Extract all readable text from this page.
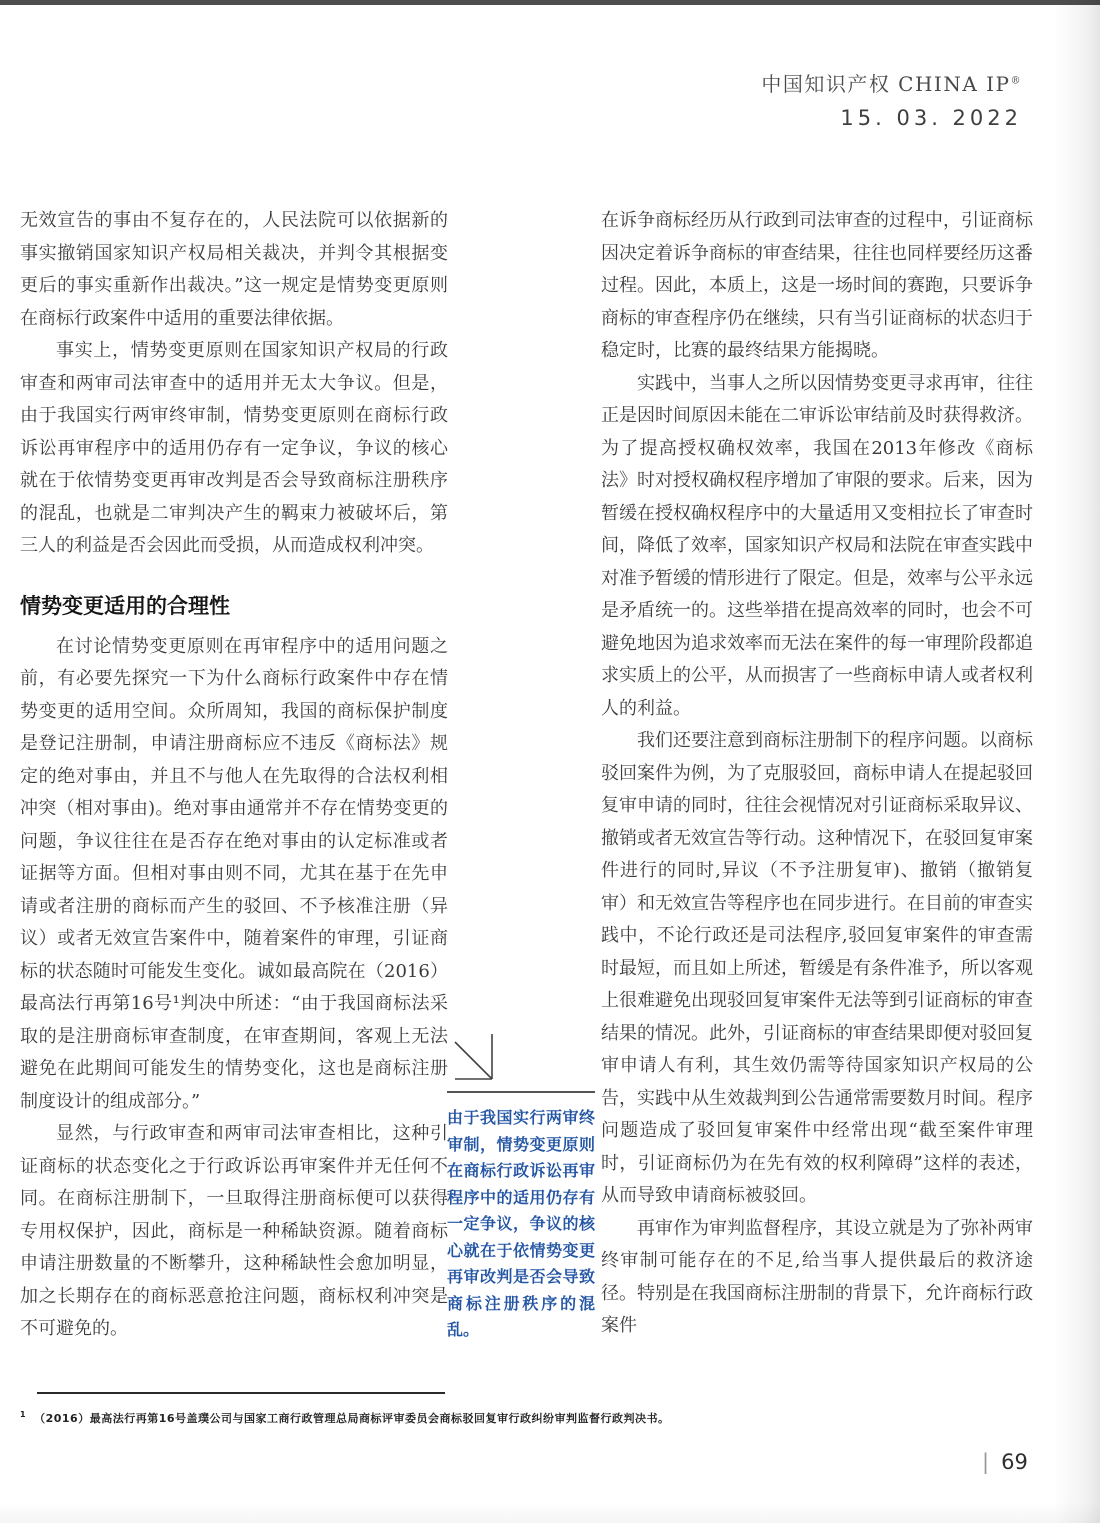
中国知识产权 CHINA IP®
15. 03. 2022

无效宣告的事由不复存在的，人民法院可以依据新的事实撤销国家知识产权局相关裁决，并判令其根据变更后的事实重新作出裁决。”这一规定是情势变更原则在商标行政案件中适用的重要法律依据。

事实上，情势变更原则在国家知识产权局的行政审查和两审司法审查中的适用并无太大争议。但是，由于我国实行两审终审制，情势变更原则在商标行政诉讼再审程序中的适用仍存有一定争议，争议的核心就在于依情势变更再审改判是否会导致商标注册秩序的混乱，也就是二审判决产生的羁束力被破坏后，第三人的利益是否会因此而受损，从而造成权利冲突。

情势变更适用的合理性

在讨论情势变更原则在再审程序中的适用问题之前，有必要先探究一下为什么商标行政案件中存在情势变更的适用空间。众所周知，我国的商标保护制度是登记注册制，申请注册商标应不违反《商标法》规定的绝对事由，并且不与他人在先取得的合法权利相冲突（相对事由)。绝对事由通常并不存在情势变更的问题，争议往往在是否存在绝对事由的认定标准或者证据等方面。但相对事由则不同，尤其在基于在先申请或者注册的商标而产生的驳回、不予核准注册（异议）或者无效宣告案件中，随着案件的审理，引证商标的状态随时可能发生变化。诚如最高院在（2016）最高法行再第16号¹判决中所述：“由于我国商标法采取的是注册商标审查制度，在审查期间，客观上无法避免在此期间可能发生的情势变化，这也是商标注册制度设计的组成部分。”

显然，与行政审查和两审司法审查相比，这种引证商标的状态变化之于行政诉讼再审案件并无任何不同。在商标注册制下，一旦取得注册商标便可以获得专用权保护，因此，商标是一种稀缺资源。随着商标申请注册数量的不断攀升，这种稀缺性会愈加明显，加之长期存在的商标恶意抢注问题，商标权利冲突是不可避免的。

由于我国实行两审终审制，情势变更原则在商标行政诉讼再审程序中的适用仍存有一定争议，争议的核心就在于依情势变更再审改判是否会导致商标注册秩序的混乱。

在诉争商标经历从行政到司法审查的过程中，引证商标因决定着诉争商标的审查结果，往往也同样要经历这番过程。因此，本质上，这是一场时间的赛跑，只要诉争商标的审查程序仍在继续，只有当引证商标的状态归于稳定时，比赛的最终结果方能揭晓。

实践中，当事人之所以因情势变更寻求再审，往往正是因时间原因未能在二审诉讼审结前及时获得救济。为了提高授权确权效率，我国在2013年修改《商标法》时对授权确权程序增加了审限的要求。后来，因为暂缓在授权确权程序中的大量适用又变相拉长了审查时间，降低了效率，国家知识产权局和法院在审查实践中对准予暂缓的情形进行了限定。但是，效率与公平永远是矛盾统一的。这些举措在提高效率的同时，也会不可避免地因为追求效率而无法在案件的每一审理阶段都追求实质上的公平，从而损害了一些商标申请人或者权利人的利益。

我们还要注意到商标注册制下的程序问题。以商标驳回案件为例，为了克服驳回，商标申请人在提起驳回复审申请的同时，往往会视情况对引证商标采取异议、撤销或者无效宣告等行动。这种情况下，在驳回复审案件进行的同时,异议（不予注册复审)、撤销（撤销复审）和无效宣告等程序也在同步进行。在目前的审查实践中，不论行政还是司法程序,驳回复审案件的审查需时最短，而且如上所述，暂缓是有条件准予，所以客观上很难避免出现驳回复审案件无法等到引证商标的审查结果的情况。此外，引证商标的审查结果即便对驳回复审申请人有利，其生效仍需等待国家知识产权局的公告，实践中从生效裁判到公告通常需要数月时间。程序问题造成了驳回复审案件中经常出现“截至案件审理时，引证商标仍为在先有效的权利障碍”这样的表述，从而导致申请商标被驳回。

再审作为审判监督程序，其设立就是为了弥补两审终审制可能存在的不足,给当事人提供最后的救济途径。特别是在我国商标注册制的背景下，允许商标行政案件

$^1$ （2016）最高法行再第16号盖璞公司与国家工商行政管理总局商标评审委员会商标驳回复审行政纠纷审判监督行政判决书。

| 69
